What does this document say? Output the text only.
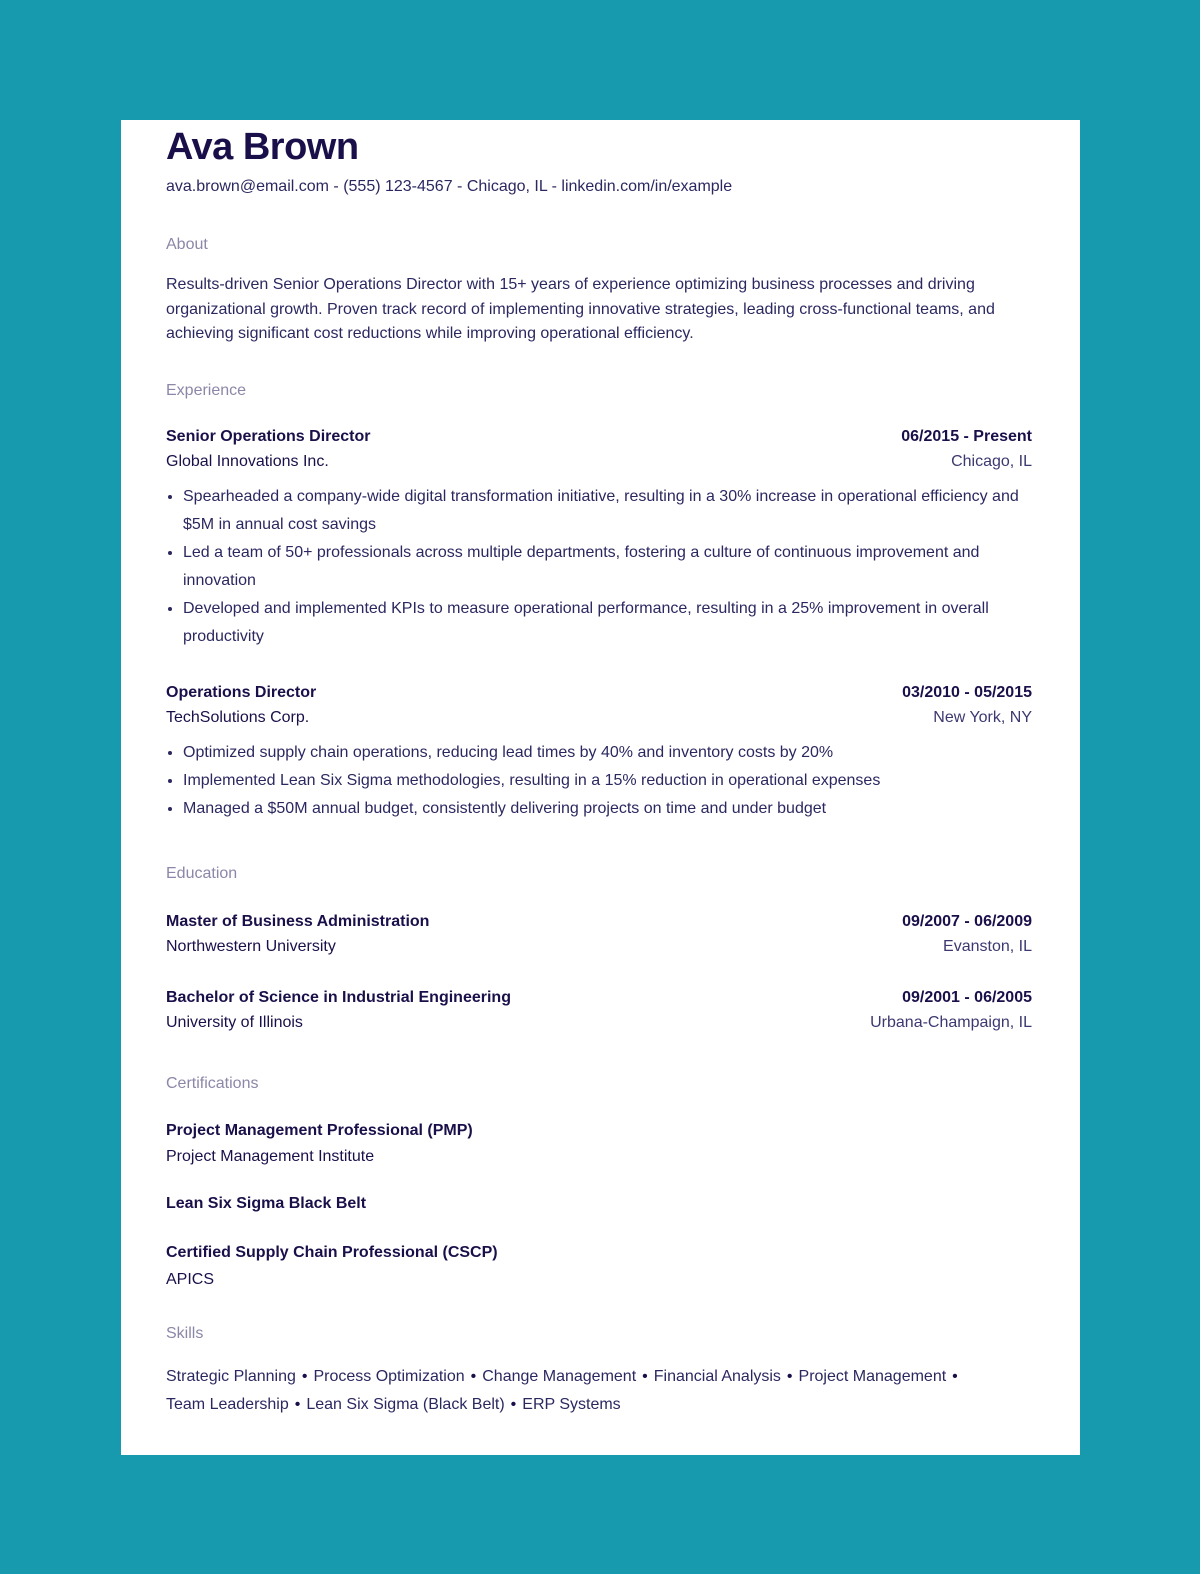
Ava Brown
ava.brown@email.com - (555) 123-4567 - Chicago, IL - linkedin.com/in/example
About
Results-driven Senior Operations Director with 15+ years of experience optimizing business processes and driving organizational growth. Proven track record of implementing innovative strategies, leading cross-functional teams, and achieving significant cost reductions while improving operational efficiency.
Experience
Senior Operations Director	06/2015 - Present
Global Innovations Inc.	Chicago, IL
• Spearheaded a company-wide digital transformation initiative, resulting in a 30% increase in operational efficiency and $5M in annual cost savings
• Led a team of 50+ professionals across multiple departments, fostering a culture of continuous improvement and innovation
• Developed and implemented KPIs to measure operational performance, resulting in a 25% improvement in overall productivity
Operations Director	03/2010 - 05/2015
TechSolutions Corp.	New York, NY
• Optimized supply chain operations, reducing lead times by 40% and inventory costs by 20%
• Implemented Lean Six Sigma methodologies, resulting in a 15% reduction in operational expenses
• Managed a $50M annual budget, consistently delivering projects on time and under budget
Education
Master of Business Administration	09/2007 - 06/2009
Northwestern University	Evanston, IL
Bachelor of Science in Industrial Engineering	09/2001 - 06/2005
University of Illinois	Urbana-Champaign, IL
Certifications
Project Management Professional (PMP)
Project Management Institute
Lean Six Sigma Black Belt
Certified Supply Chain Professional (CSCP)
APICS
Skills
Strategic Planning • Process Optimization • Change Management • Financial Analysis • Project Management •
Team Leadership • Lean Six Sigma (Black Belt) • ERP Systems
